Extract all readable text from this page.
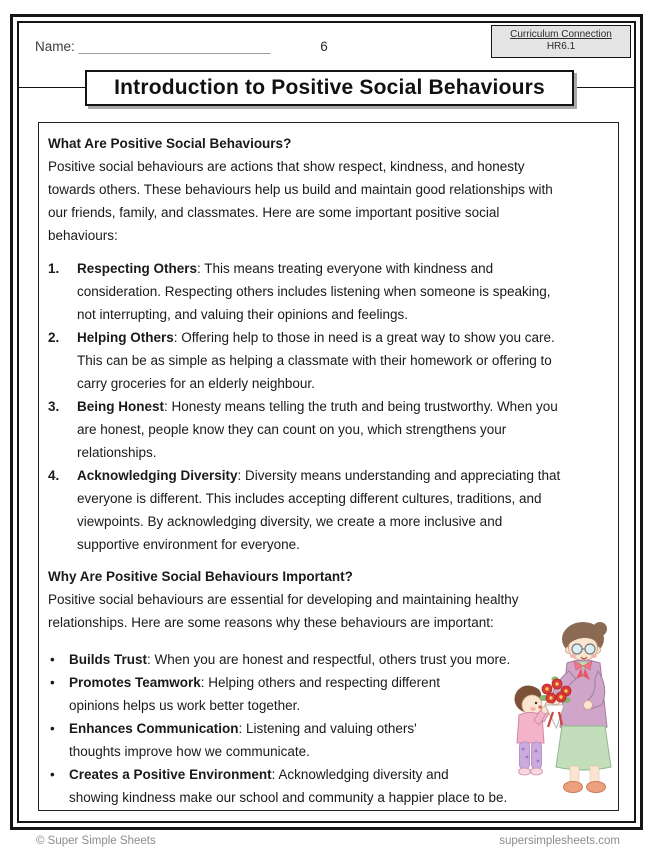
Name: ________________________	6
Curriculum Connection
HR6.1
Introduction to Positive Social Behaviours
What Are Positive Social Behaviours?
Positive social behaviours are actions that show respect, kindness, and honesty
towards others. These behaviours help us build and maintain good relationships with
our friends, family, and classmates. Here are some important positive social
behaviours:
1.	Respecting Others: This means treating everyone with kindness and
consideration. Respecting others includes listening when someone is speaking,
not interrupting, and valuing their opinions and feelings.
2.	Helping Others: Offering help to those in need is a great way to show you care.
This can be as simple as helping a classmate with their homework or offering to
carry groceries for an elderly neighbour.
3.	Being Honest: Honesty means telling the truth and being trustworthy. When you
are honest, people know they can count on you, which strengthens your
relationships.
4.	Acknowledging Diversity: Diversity means understanding and appreciating that
everyone is different. This includes accepting different cultures, traditions, and
viewpoints. By acknowledging diversity, we create a more inclusive and
supportive environment for everyone.
Why Are Positive Social Behaviours Important?
Positive social behaviours are essential for developing and maintaining healthy
relationships. Here are some reasons why these behaviours are important:
•	Builds Trust: When you are honest and respectful, others trust you more.
•	Promotes Teamwork: Helping others and respecting different
opinions helps us work better together.
•	Enhances Communication: Listening and valuing others'
thoughts improve how we communicate.
•	Creates a Positive Environment: Acknowledging diversity and
showing kindness make our school and community a happier place to be.
© Super Simple Sheets	supersimplesheets.com
